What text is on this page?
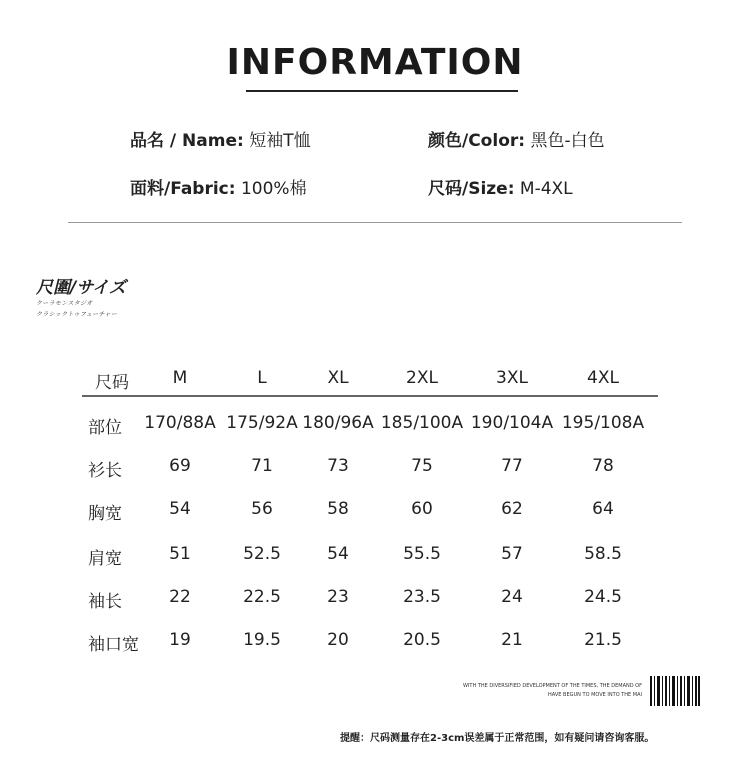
INFORMATION
品名 / Name: 短袖T恤	颜色/Color: 黑色-白色
面料/Fabric: 100%棉	尺码/Size: M-4XL
尺圍/サイズ
クーラモンスタジオ
クラシックトゥフューチャー
尺码	M	L	XL	2XL	3XL	4XL
部位 170/88A 175/92A 180/96A 185/100A 190/104A 195/108A
衫长	69	71	73	75	77	78
胸宽	54	56	58	60	62	64
肩宽	51	52.5	54	55.5	57	58.5
袖长	22	22.5	23	23.5	24	24.5
袖口宽 19	19.5	20	20.5	21	21.5
WITH THE DIVERSIFIED DEVELOPMENT OF THE TIMES, THE DEMAND OF
HAVE BEGUN TO MOVE INTO THE MAI
提醒：尺码测量存在2-3cm误差属于正常范围，如有疑问请咨询客服。
